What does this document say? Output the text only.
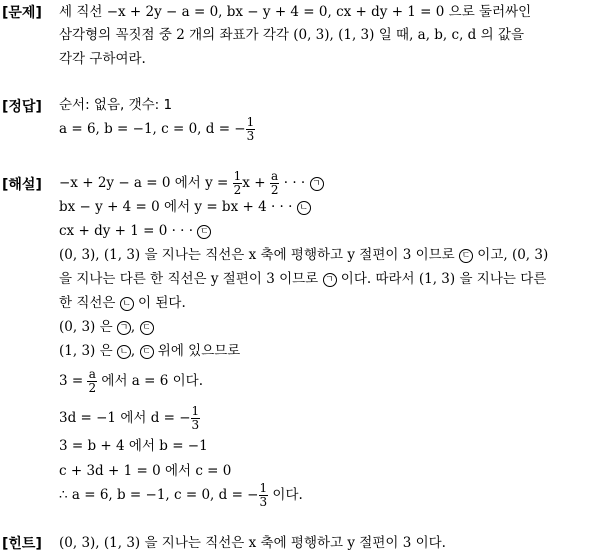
[문제] 세 직선 −x + 2y − a = 0, bx − y + 4 = 0, cx + dy + 1 = 0 으로 둘러싸인
삼각형의 꼭짓점 중 2 개의 좌표가 각각 (0, 3), (1, 3) 일 때, a, b, c, d 의 값을
각각 구하여라.
[정답] 순서: 없음, 갯수: 1
a = 6, b = −1, c = 0, d = − $\frac{1}{3}$
[해설] −x + 2y − a = 0 에서 $y = \frac{1}{2}$ $x + \frac{a}{2}$ · · · ㄱ
bx − y + 4 = 0 에서 y = bx + 4 · · · ㄴ
cx + dy + 1 = 0 · · · ㄷ
(0, 3), (1, 3) 을 지나는 직선은 x 축에 평행하고 y 절편이 3 이므로 ㄷ 이고, (0, 3)
을 지나는 다른 한 직선은 y 절편이 3 이므로 ㄱ 이다. 따라서 (1, 3) 을 지나는 다른
한 직선은 ㄴ 이 된다.
(0, 3) 은 ㄱ , ㄷ
(1, 3) 은 ㄴ , ㄷ 위에 있으므로
$3 = \frac{a}{2}$ 에서 a = 6 이다.
3d = −1 에서 d = − $\frac{1}{3}$
3 = b + 4 에서 b = −1
c + 3d + 1 = 0 에서 c = 0
∴ a = 6, b = −1, c = 0, d = − $\frac{1}{3}$ 이다.
[힌트] (0, 3), (1, 3) 을 지나는 직선은 x 축에 평행하고 y 절편이 3 이다.
